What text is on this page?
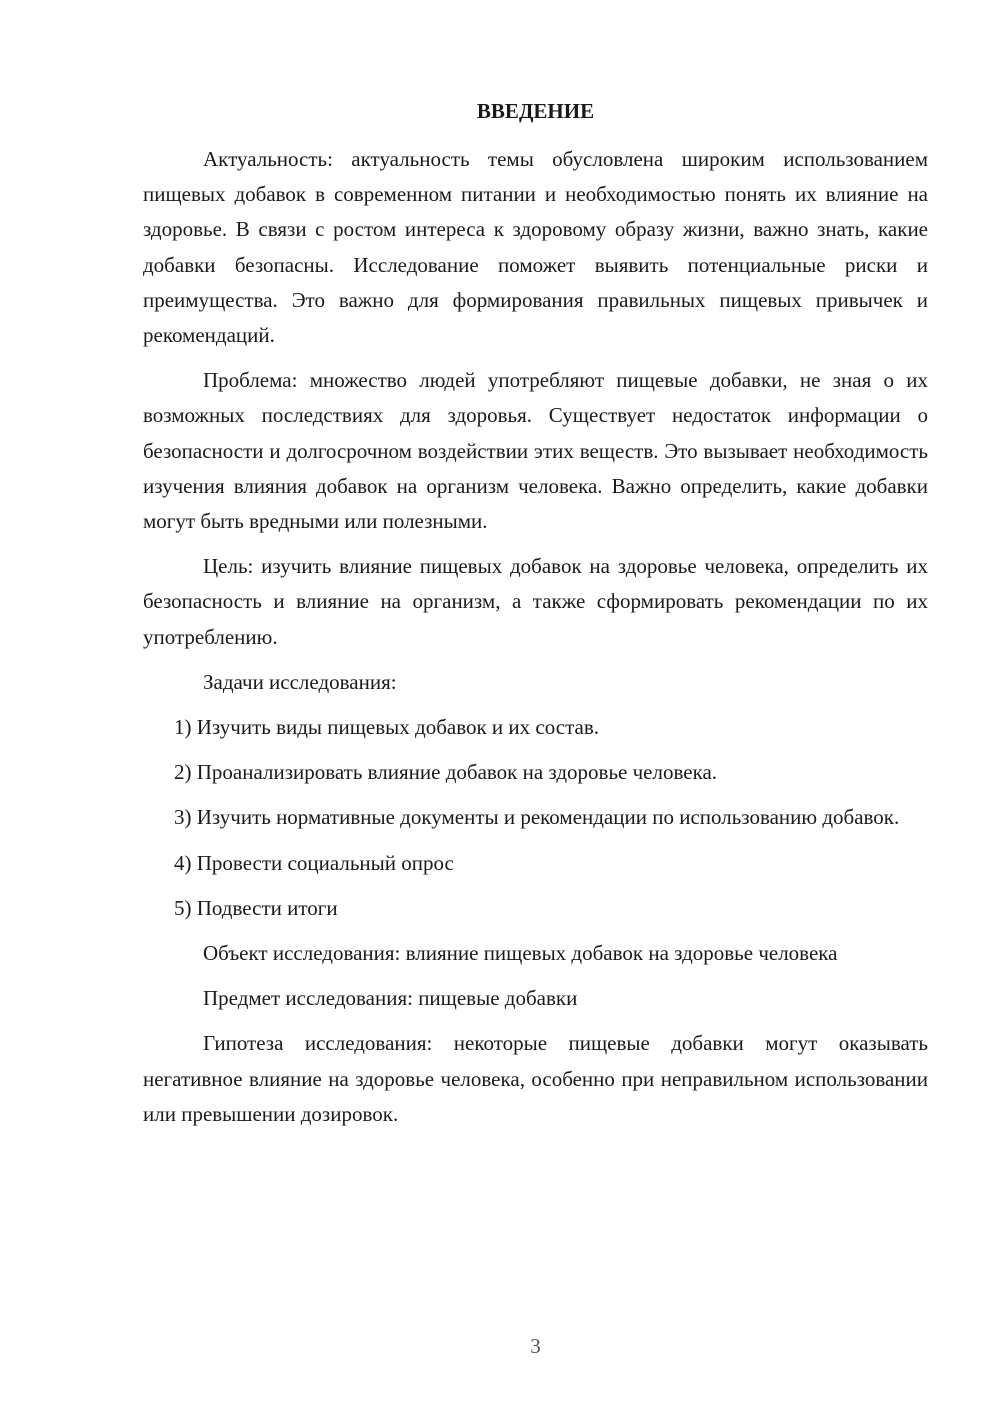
ВВЕДЕНИЕ

Актуальность: актуальность темы обусловлена широким использованием пищевых добавок в современном питании и необходимостью понять их влияние на здоровье. В связи с ростом интереса к здоровому образу жизни, важно знать, какие добавки безопасны. Исследование поможет выявить потенциальные риски и преимущества. Это важно для формирования правильных пищевых привычек и рекомендаций.

Проблема: множество людей употребляют пищевые добавки, не зная о их возможных последствиях для здоровья. Существует недостаток информации о безопасности и долгосрочном воздействии этих веществ. Это вызывает необходимость изучения влияния добавок на организм человека. Важно определить, какие добавки могут быть вредными или полезными.

Цель: изучить влияние пищевых добавок на здоровье человека, определить их безопасность и влияние на организм, а также сформировать рекомендации по их употреблению.

Задачи исследования:

1) Изучить виды пищевых добавок и их состав.

2) Проанализировать влияние добавок на здоровье человека.

3) Изучить нормативные документы и рекомендации по использованию добавок.

4) Провести социальный опрос

5) Подвести итоги

Объект исследования: влияние пищевых добавок на здоровье человека

Предмет исследования: пищевые добавки

Гипотеза исследования: некоторые пищевые добавки могут оказывать негативное влияние на здоровье человека, особенно при неправильном использовании или превышении дозировок.

3
